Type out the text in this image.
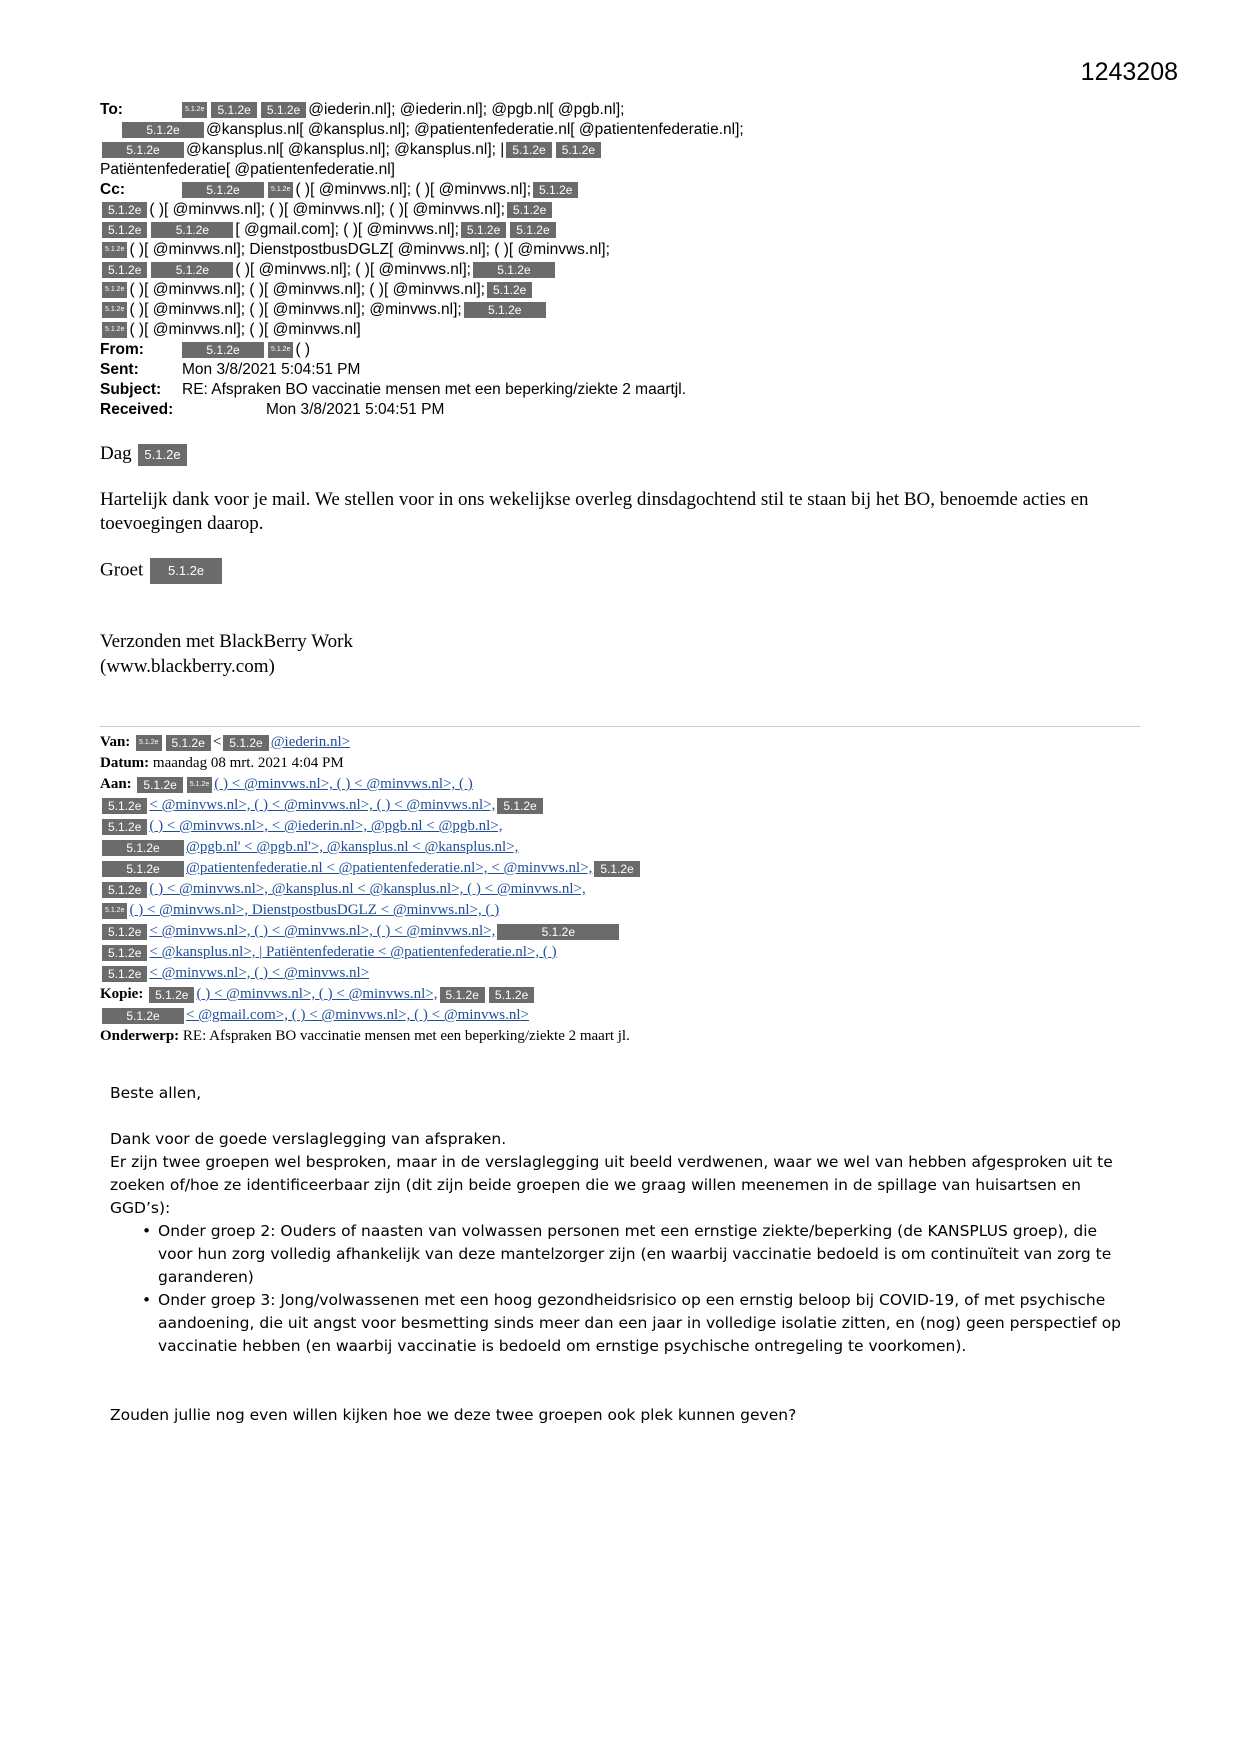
1243208
To:	5.1.2e 5.1.2e 5.1.2e @iederin.nl]; @iederin.nl]; @pgb.nl[ @pgb.nl];
5.1.2e @kansplus.nl[ @kansplus.nl]; @patientenfederatie.nl[ @patientenfederatie.nl];
5.1.2e @kansplus.nl[ @kansplus.nl]; @kansplus.nl]; | 5.1.2e 5.1.2e
Patiëntenfederatie[ @patientenfederatie.nl]
Cc:	5.1.2e	5.1.2e ( )[ @minvws.nl]; ( )[ @minvws.nl]; 5.1.2e
5.1.2e ( )[ @minvws.nl]; ( )[ @minvws.nl]; ( )[ @minvws.nl]; 5.1.2e
5.1.2e	5.1.2e [ @gmail.com]; ( )[ @minvws.nl]; 5.1.2e 5.1.2e
5.1.2e ( )[ @minvws.nl]; DienstpostbusDGLZ[ @minvws.nl]; ( )[ @minvws.nl];
5.1.2e	5.1.2e ( )[ @minvws.nl]; ( )[ @minvws.nl]; 5.1.2e
5.1.2e ( )[ @minvws.nl]; ( )[ @minvws.nl]; ( )[ @minvws.nl]; 5.1.2e
5.1.2e ( )[ @minvws.nl]; ( )[ @minvws.nl]; @minvws.nl]; 5.1.2e
5.1.2e ( )[ @minvws.nl]; ( )[ @minvws.nl]
From:	5.1.2e	5.1.2e ( )
Sent:	Mon 3/8/2021 5:04:51 PM
Subject: RE: Afspraken BO vaccinatie mensen met een beperking/ziekte 2 maartjl.
Received:	Mon 3/8/2021 5:04:51 PM
Dag 5.1.2e
Hartelijk dank voor je mail. We stellen voor in ons wekelijkse overleg dinsdagochtend stil te staan bij het BO, benoemde acties en toevoegingen daarop.
Groet 5.1.2e
Verzonden met BlackBerry Work
(www.blackberry.com)
Van: 5.1.2e 5.1.2e < 5.1.2e @iederin.nl>
Datum: maandag 08 mrt. 2021 4:04 PM
Aan: 5.1.2e 5.1.2e ( ) < @minvws.nl>, ( ) < @minvws.nl>, ( )
5.1.2e < @minvws.nl>, ( ) < @minvws.nl>, ( ) < @minvws.nl>, 5.1.2e
5.1.2e ( ) < @minvws.nl>, < @iederin.nl>, @pgb.nl < @pgb.nl>,
5.1.2e @pgb.nl' < @pgb.nl'>, @kansplus.nl < @kansplus.nl>,
5.1.2e @patientenfederatie.nl < @patientenfederatie.nl>, < @minvws.nl>, 5.1.2e
5.1.2e ( ) < @minvws.nl>, @kansplus.nl < @kansplus.nl>, ( ) < @minvws.nl>,
5.1.2e ( ) < @minvws.nl>, DienstpostbusDGLZ < @minvws.nl>, ( )
5.1.2e < @minvws.nl>, ( ) < @minvws.nl>, ( ) < @minvws.nl>,	5.1.2e
5.1.2e < @kansplus.nl>, | Patiëntenfederatie < @patientenfederatie.nl>, ( )
5.1.2e < @minvws.nl>, ( ) < @minvws.nl>
Kopie: 5.1.2e ( ) < @minvws.nl>, ( ) < @minvws.nl>, 5.1.2e 5.1.2e
5.1.2e < @gmail.com>, ( ) < @minvws.nl>, ( ) < @minvws.nl>
Onderwerp: RE: Afspraken BO vaccinatie mensen met een beperking/ziekte 2 maart jl.

Beste allen,

Dank voor de goede verslaglegging van afspraken.

Er zijn twee groepen wel besproken, maar in de verslaglegging uit beeld verdwenen, waar we wel van hebben afgesproken uit te zoeken of/hoe ze identificeerbaar zijn (dit zijn beide groepen die we graag willen meenemen in de spillage van huisartsen en GGD’s):

• Onder groep 2: Ouders of naasten van volwassen personen met een ernstige ziekte/beperking (de KANSPLUS groep), die voor hun zorg volledig afhankelijk van deze mantelzorger zijn (en waarbij vaccinatie bedoeld is om continuïteit van zorg te garanderen)
• Onder groep 3: Jong/volwassenen met een hoog gezondheidsrisico op een ernstig beloop bij COVID-19, of met psychische aandoening, die uit angst voor besmetting sinds meer dan een jaar in volledige isolatie zitten, en (nog) geen perspectief op vaccinatie hebben (en waarbij vaccinatie is bedoeld om ernstige psychische ontregeling te voorkomen).

Zouden jullie nog even willen kijken hoe we deze twee groepen ook plek kunnen geven?
